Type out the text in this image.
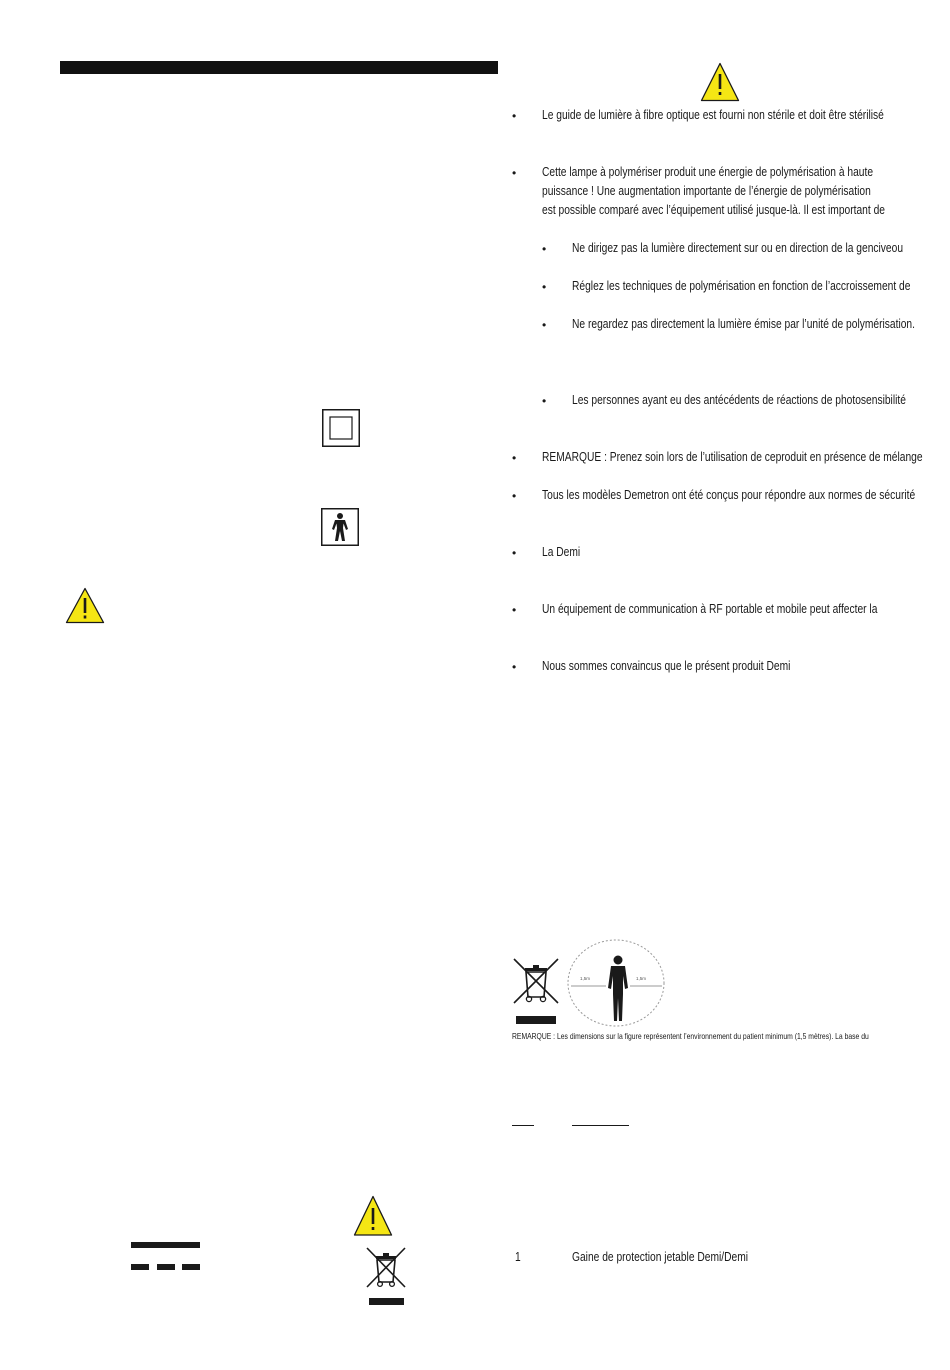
• Le guide de lumière à fibre optique est fourni non stérile et doit être stérilisé
• Cette lampe à polymériser produit une énergie de polymérisation à haute
puissance ! Une augmentation importante de l’énergie de polymérisation
est possible comparé avec l’équipement utilisé jusque-là. Il est important de
• Ne dirigez pas la lumière directement sur ou en direction de la genciveou
• Réglez les techniques de polymérisation en fonction de l’accroissement de
• Ne regardez pas directement la lumière émise par l’unité de polymérisation.
• Les personnes ayant eu des antécédents de réactions de photosensibilité
• REMARQUE : Prenez soin lors de l’utilisation de ceproduit en présence de mélange
• Tous les modèles Demetron ont été conçus pour répondre aux normes de sécurité
• La Demi
• Un équipement de communication à RF portable et mobile peut affecter la
• Nous sommes convaincus que le présent produit Demi
1,5m	1,5m
REMARQUE : Les dimensions sur la figure représentent l’environnement du patient minimum (1,5 mètres). La base du
1	Gaine de protection jetable Demi/Demi
